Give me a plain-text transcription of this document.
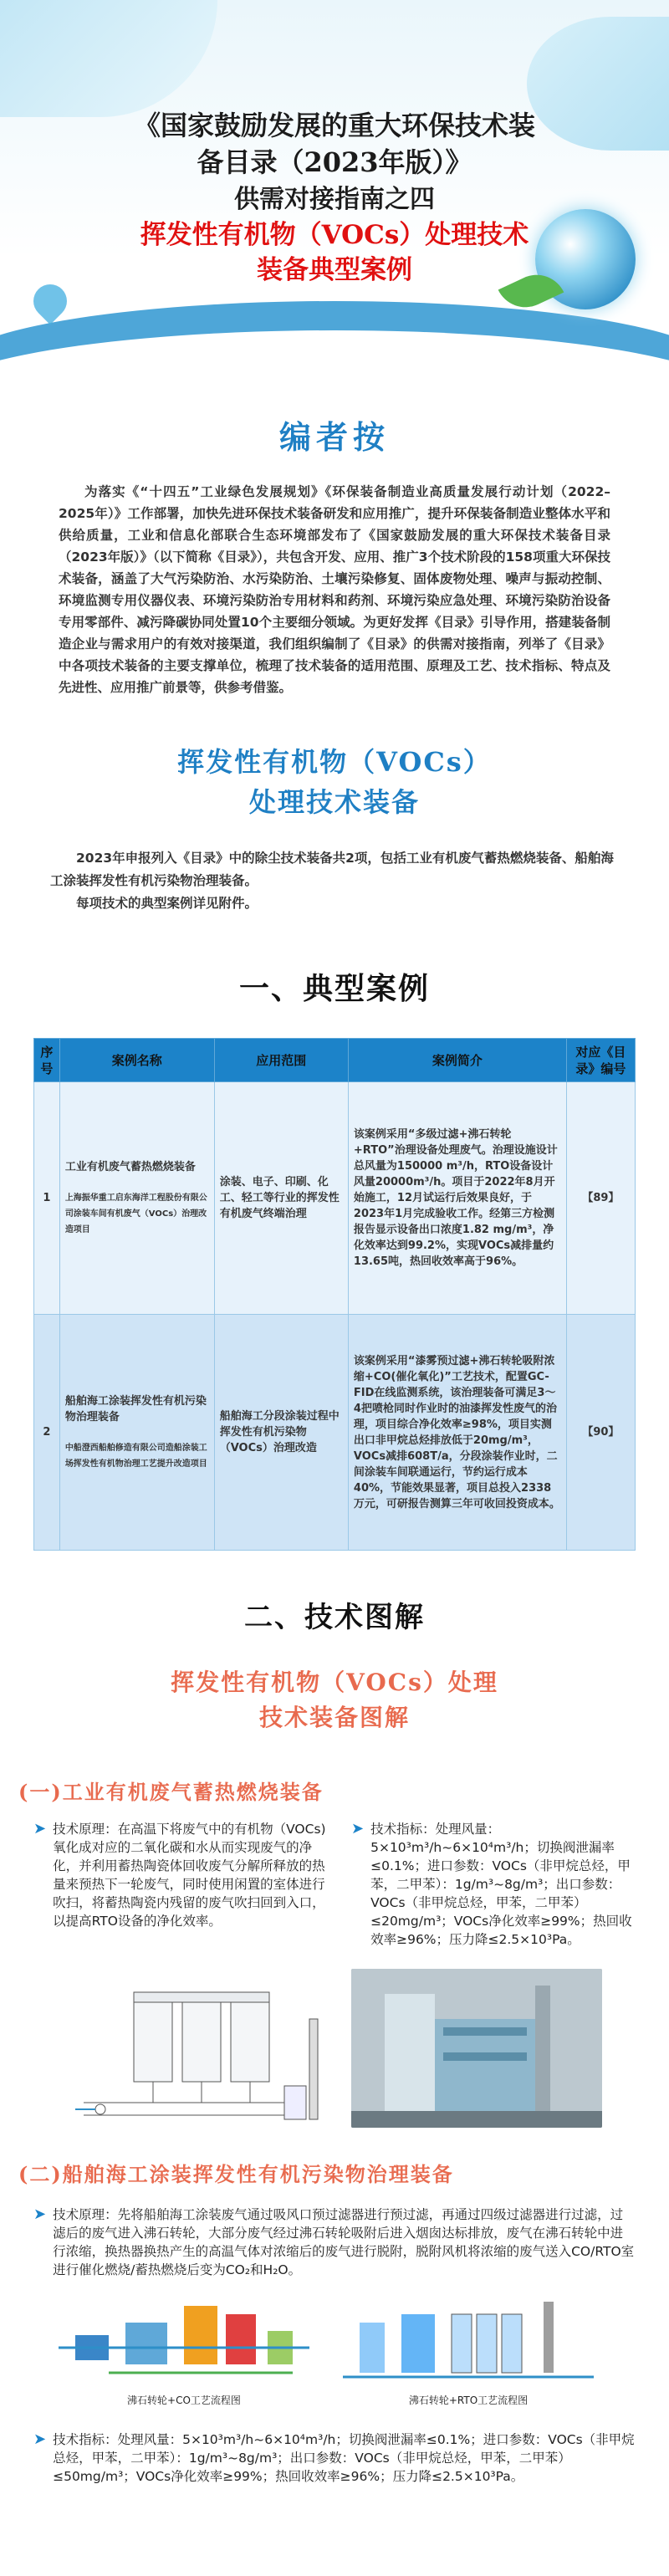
《国家鼓励发展的重大环保技术装
备目录（2023年版）》
供需对接指南之四
挥发性有机物（VOCs）处理技术
装备典型案例
编者按

为落实《“十四五”工业绿色发展规划》《环保装备制造业高质量发展行动计划（2022–2025年）》工作部署，加快先进环保技术装备研发和应用推广，提升环保装备制造业整体水平和供给质量，工业和信息化部联合生态环境部发布了《国家鼓励发展的重大环保技术装备目录（2023年版）》（以下简称《目录》），共包含开发、应用、推广3个技术阶段的158项重大环保技术装备，涵盖了大气污染防治、水污染防治、土壤污染修复、固体废物处理、噪声与振动控制、环境监测专用仪器仪表、环境污染防治专用材料和药剂、环境污染应急处理、环境污染防治设备专用零部件、减污降碳协同处置10个主要细分领域。为更好发挥《目录》引导作用，搭建装备制造企业与需求用户的有效对接渠道，我们组织编制了《目录》的供需对接指南，列举了《目录》中各项技术装备的主要支撑单位，梳理了技术装备的适用范围、原理及工艺、技术指标、特点及先进性、应用推广前景等，供参考借鉴。

挥发性有机物（VOCs）
处理技术装备

2023年申报列入《目录》中的除尘技术装备共2项，包括工业有机废气蓄热燃烧装备、船舶海工涂装挥发性有机污染物治理装备。

每项技术的典型案例详见附件。

一、典型案例
序号	案例名称	应用范围	案例简介	对应《目录》编号
1	工业有机废气蓄热燃烧装备
上海振华重工启东海洋工程股份有限公司涂装车间有机废气（VOCs）治理改造项目	涂装、电子、印刷、化工、轻工等行业的挥发性有机废气终端治理	该案例采用“多级过滤+沸石转轮+RTO”治理设备处理废气。治理设施设计总风量为150000 m³/h，RTO设备设计风量20000m³/h。项目于2022年8月开始施工，12月试运行后效果良好，于2023年1月完成验收工作。经第三方检测报告显示设备出口浓度1.82 mg/m³，净化效率达到99.2%，实现VOCs减排量约13.65吨，热回收效率高于96%。	【89】
2	船舶海工涂装挥发性有机污染物治理装备
中船澄西船舶修造有限公司造船涂装工场挥发性有机物治理工艺提升改造项目	船舶海工分段涂装过程中挥发性有机污染物（VOCs）治理改造	该案例采用“漆雾预过滤+沸石转轮吸附浓缩+CO(催化氧化)”工艺技术，配置GC-FID在线监测系统，该治理装备可满足3～4把喷枪同时作业时的油漆挥发性废气的治理，项目综合净化效率≥98%，项目实测出口非甲烷总烃排放低于20mg/m³，VOCs减排608T/a，分段涂装作业时，二间涂装车间联通运行，节约运行成本40%，节能效果显著，项目总投入2338万元，可研报告测算三年可收回投资成本。	【90】
二、技术图解
挥发性有机物（VOCs）处理
技术装备图解
(一)工业有机废气蓄热燃烧装备
➤ 技术原理：在高温下将废气中的有机物（VOCs)氧化成对应的二氧化碳和水从而实现废气的净化，并利用蓄热陶瓷体回收废气分解所释放的热量来预热下一轮废气，同时使用闲置的室体进行吹扫，将蓄热陶瓷内残留的废气吹扫回到入口，以提高RTO设备的净化效率。
➤ 技术指标：处理风量：5×10³m³/h~6×10⁴m³/h；切换阀泄漏率≤0.1%；进口参数：VOCs（非甲烷总烃，甲苯，二甲苯）：1g/m³~8g/m³；出口参数：VOCs（非甲烷总烃，甲苯，二甲苯）≤20mg/m³；VOCs净化效率≥99%；热回收效率≥96%；压力降≤2.5×10³Pa。
(二)船舶海工涂装挥发性有机污染物治理装备
➤ 技术原理：先将船舶海工涂装废气通过吸风口预过滤器进行预过滤，再通过四级过滤器进行过滤，过滤后的废气进入沸石转轮，大部分废气经过沸石转轮吸附后进入烟囱达标排放，废气在沸石转轮中进行浓缩，换热器换热产生的高温气体对浓缩后的废气进行脱附，脱附风机将浓缩的废气送入CO/RTO室进行催化燃烧/蓄热燃烧后变为CO₂和H₂O。
沸石转轮+CO工艺流程图	沸石转轮+RTO工艺流程图
➤ 技术指标：处理风量：5×10³m³/h~6×10⁴m³/h；切换阀泄漏率≤0.1%；进口参数：VOCs（非甲烷总烃，甲苯，二甲苯）：1g/m³~8g/m³；出口参数：VOCs（非甲烷总烃，甲苯，二甲苯）≤50mg/m³；VOCs净化效率≥99%；热回收效率≥96%；压力降≤2.5×10³Pa。
